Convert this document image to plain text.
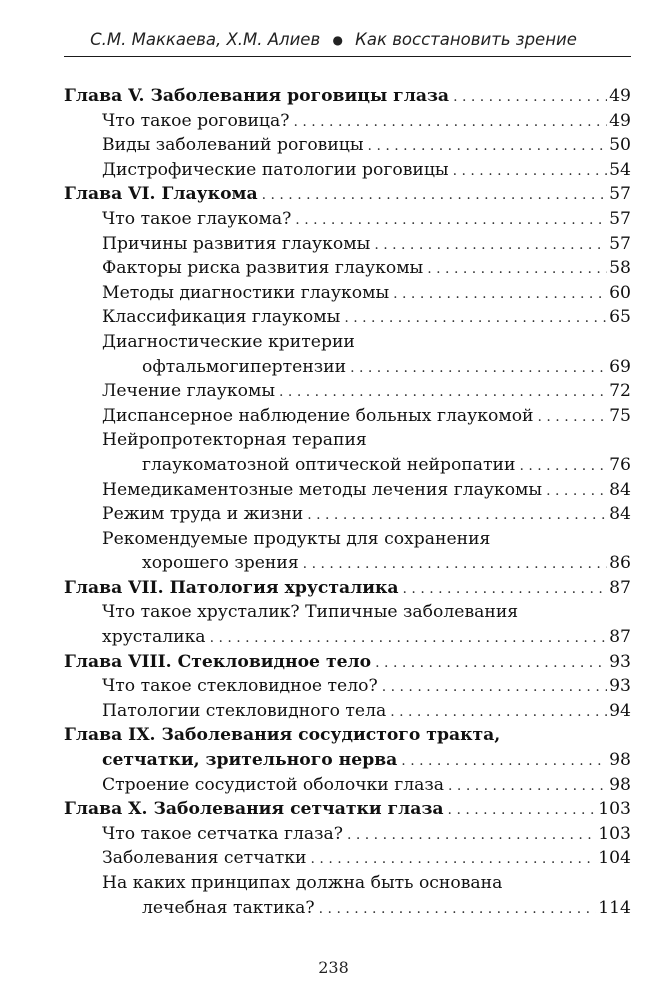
С.М. Маккаева, Х.М. Алиев ● Как восстановить зрение
Глава V. Заболевания роговицы глаза . . .	49
Что такое роговица? . . .	49
Виды заболеваний роговицы . . .	50
Дистрофические патологии роговицы . . .	54
Глава VI. Глаукома . . .	57
Что такое глаукома? . . .	57
Причины развития глаукомы . . .	57
Факторы риска развития глаукомы . . .	58
Методы диагностики глаукомы . . .	60
Классификация глаукомы . . .	65
Диагностические критерии
офтальмогипертензии . . .	69
Лечение глаукомы . . .	72
Диспансерное наблюдение больных глаукомой . . .	75
Нейропротекторная терапия
глаукоматозной оптической нейропатии . . .	76
Немедикаментозные методы лечения глаукомы . . .	84
Режим труда и жизни . . .	84
Рекомендуемые продукты для сохранения
хорошего зрения . . .	86
Глава VII. Патология хрусталика . . .	87
Что такое хрусталик? Типичные заболевания
хрусталика . . .	87
Глава VIII. Стекловидное тело . . .	93
Что такое стекловидное тело? . . .	93
Патологии стекловидного тела . . .	94
Глава IX. Заболевания сосудистого тракта,
сетчатки, зрительного нерва . . .	98
Строение сосудистой оболочки глаза . . .	98
Глава X. Заболевания сетчатки глаза . . .	103
Что такое сетчатка глаза? . . .	103
Заболевания сетчатки . . .	104
На каких принципах должна быть основана
лечебная тактика? . . .	114
238
